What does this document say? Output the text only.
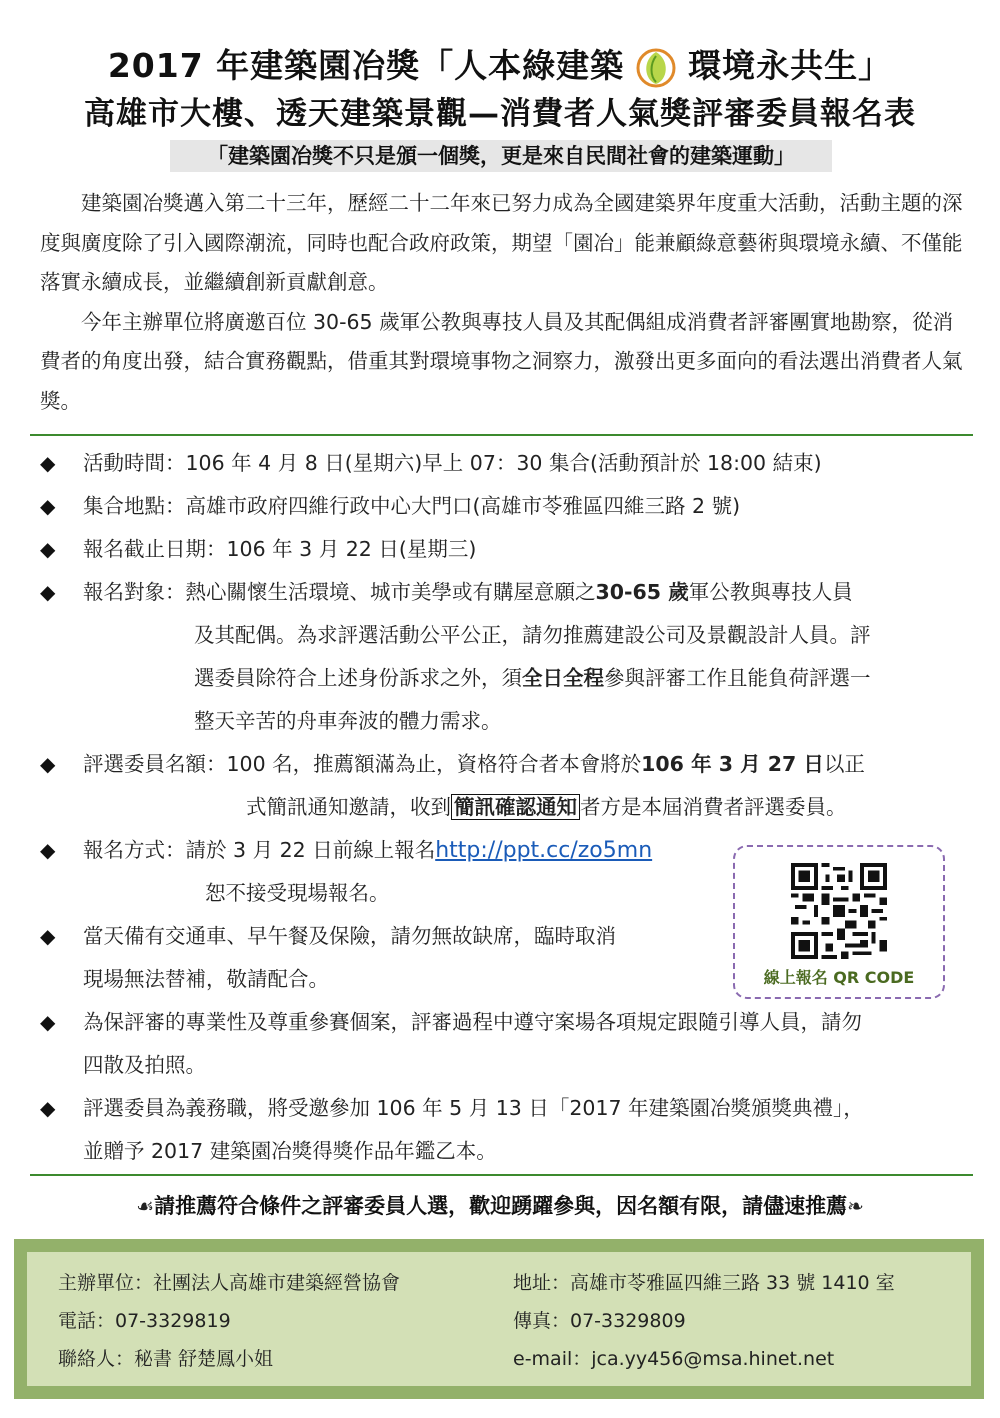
2017 年建築園冶獎「人本綠建築 環境永共生」
高雄市大樓、透天建築景觀—消費者人氣獎評審委員報名表
「建築園冶獎不只是頒一個獎，更是來自民間社會的建築運動」

建築園冶獎邁入第二十三年，歷經二十二年來已努力成為全國建築界年度重大活動，活動主題的深度與廣度除了引入國際潮流，同時也配合政府政策，期望「園冶」能兼顧綠意藝術與環境永續、不僅能落實永續成長，並繼續創新貢獻創意。

今年主辦單位將廣邀百位 30-65 歲軍公教與專技人員及其配偶組成消費者評審團實地勘察，從消費者的角度出發，結合實務觀點，借重其對環境事物之洞察力，激發出更多面向的看法選出消費者人氣獎。

◆ 活動時間：106 年 4 月 8 日(星期六)早上 07：30 集合(活動預計於 18:00 結束)
◆ 集合地點：高雄市政府四維行政中心大門口(高雄市苓雅區四維三路 2 號)
◆ 報名截止日期：106 年 3 月 22 日(星期三)
◆ 報名對象：熱心關懷生活環境、城市美學或有購屋意願之30-65 歲軍公教與專技人員
及其配偶。為求評選活動公平公正，請勿推薦建設公司及景觀設計人員。評
選委員除符合上述身份訴求之外，須全日全程參與評審工作且能負荷評選一
整天辛苦的舟車奔波的體力需求。
◆ 評選委員名額：100 名，推薦額滿為止，資格符合者本會將於106 年 3 月 27 日以正
式簡訊通知邀請，收到 簡訊確認通知 者方是本屆消費者評選委員。
◆ 報名方式：請於 3 月 22 日前線上報名http://ppt.cc/zo5mn
恕不接受現場報名。
◆ 當天備有交通車、早午餐及保險，請勿無故缺席，臨時取消
現場無法替補，敬請配合。
◆ 為保評審的專業性及尊重參賽個案，評審過程中遵守案場各項規定跟隨引導人員，請勿
四散及拍照。
◆ 評選委員為義務職，將受邀參加 106 年 5 月 13 日「2017 年建築園冶獎頒獎典禮」，
並贈予 2017 建築園冶獎得獎作品年鑑乙本。
線上報名 QR CODE
☙請推薦符合條件之評審委員人選，歡迎踴躍參與，因名額有限，請儘速推薦❧
主辦單位：社團法人高雄市建築經營協會
電話：07-3329819
聯絡人：秘書 舒楚鳳小姐
地址：高雄市苓雅區四維三路 33 號 1410 室
傳真：07-3329809
e-mail：jca.yy456@msa.hinet.net
